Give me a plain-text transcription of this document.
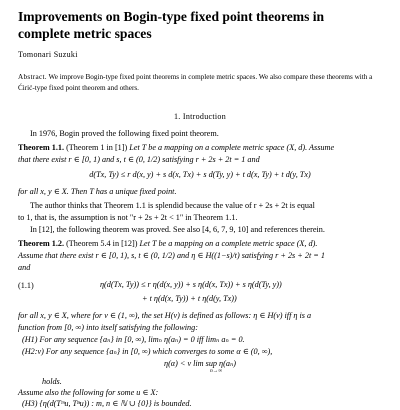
Improvements on Bogin-type fixed point theorems in complete metric spaces
Tomonari Suzuki

Abstract. We improve Bogin-type fixed point theorems in complete metric spaces. We also compare these theorems with a Ćirić-type fixed point theorem and others.

1. Introduction
In 1976, Bogin proved the following fixed point theorem.
Theorem 1.1. (Theorem 1 in [1]) Let T be a mapping on a complete metric space (X, d). Assume
that there exist r ∈ [0, 1) and s, t ∈ (0, 1/2) satisfying r + 2s + 2t = 1 and
d(Tx, Ty) ≤ r d(x, y) + s d(x, Tx) + s d(Ty, y) + t d(x, Ty) + t d(y, Tx)
for all x, y ∈ X. Then T has a unique fixed point.
The author thinks that Theorem 1.1 is splendid because the value of r + 2s + 2t is equal
to 1, that is, the assumption is not "r + 2s + 2t < 1" in Theorem 1.1.
In [12], the following theorem was proved. See also [4, 6, 7, 9, 10] and references therein.
Theorem 1.2. (Theorem 5.4 in [12]) Let T be a mapping on a complete metric space (X, d).
Assume that there exist r ∈ [0, 1), s, t ∈ (0, 1/2) and η ∈ H((1−s)/t) satisfying r + 2s + 2t = 1
and
(1.1)	η(d(Tx, Ty)) ≤ r η(d(x, y)) + s η(d(x, Tx)) + s η(d(Ty, y))
+ t η(d(x, Ty)) + t η(d(y, Tx))
for all x, y ∈ X, where for v ∈ (1, ∞), the set H(v) is defined as follows: η ∈ H(v) iff η is a
function from [0, ∞) into itself satisfying the following:
(H1) For any sequence {aₙ} in [0, ∞), limₙ η(aₙ) = 0 iff limₙ aₙ = 0.
(H2:v) For any sequence {aₙ} in [0, ∞) which converges to some α ∈ (0, ∞),
η(α) < v lim sup η(aₙ)
n→∞
holds.
Assume also the following for some u ∈ X:
(H3) {η(d(Tᵐu, Tⁿu)) : m, n ∈ ℕ ∪ {0}} is bounded.
